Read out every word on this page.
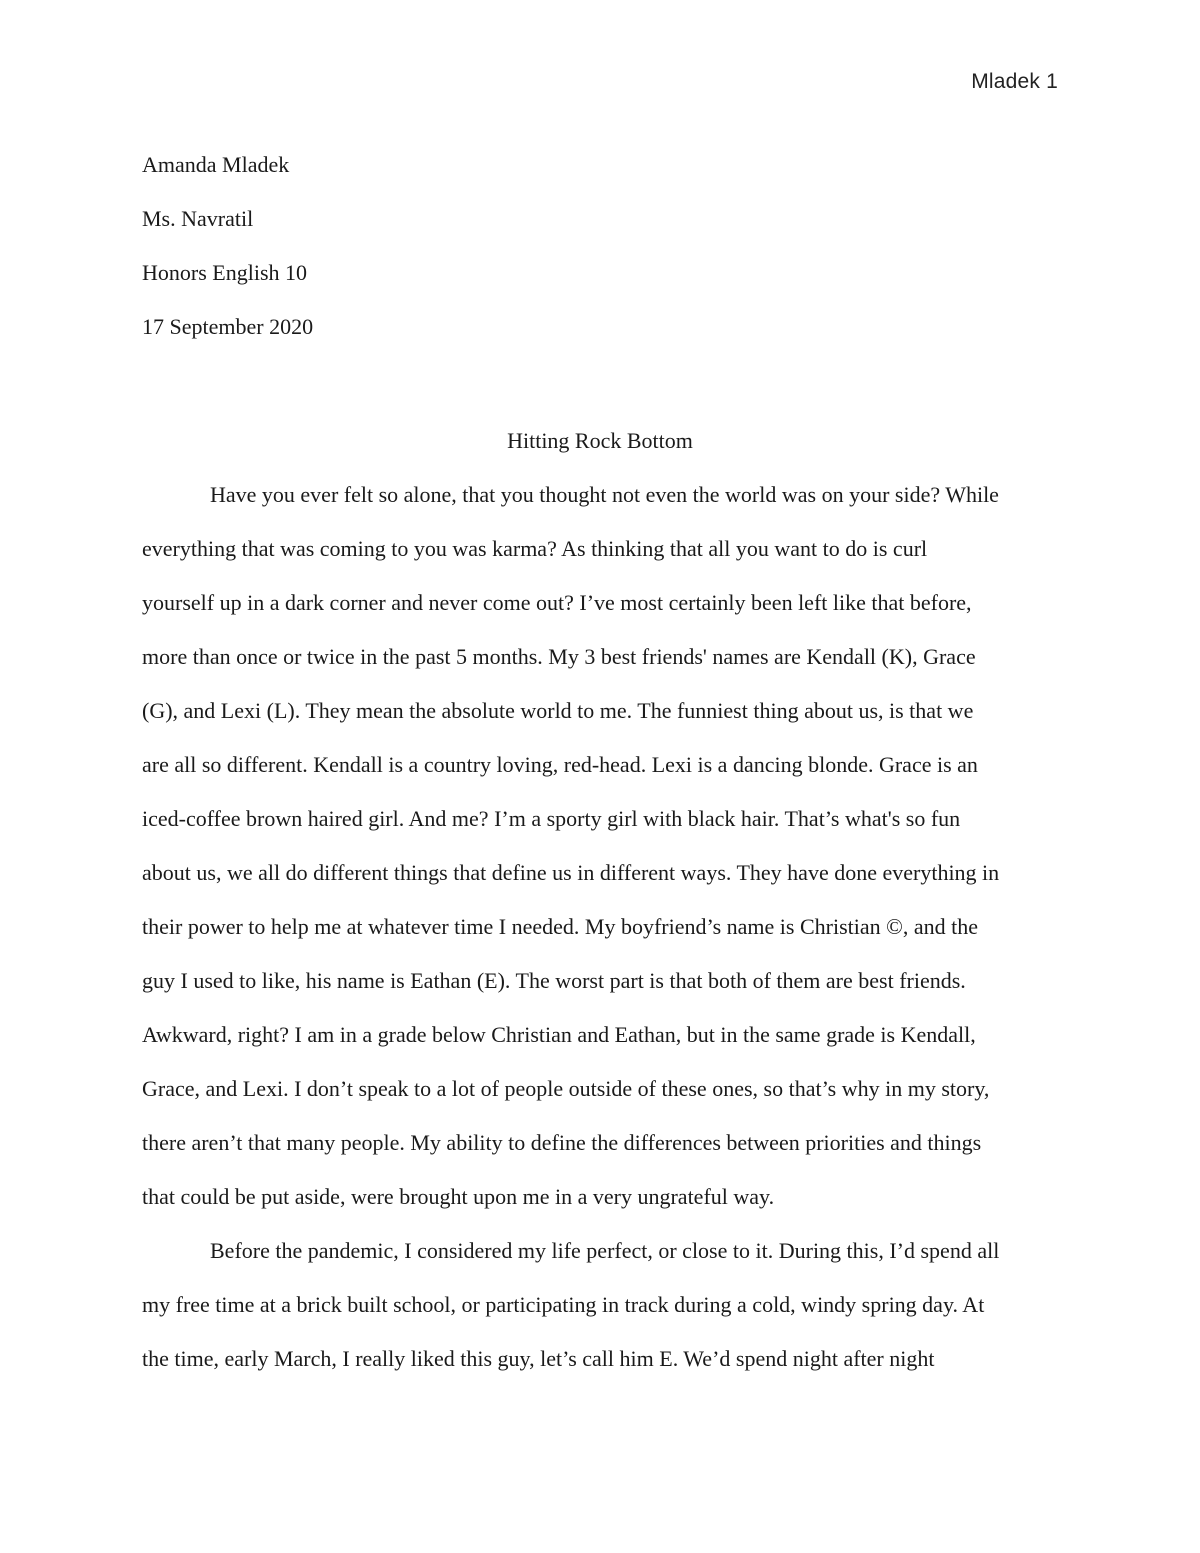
Mladek 1
Amanda Mladek
Ms. Navratil
Honors English 10
17 September 2020
Hitting Rock Bottom
Have you ever felt so alone, that you thought not even the world was on your side? While
everything that was coming to you was karma? As thinking that all you want to do is curl
yourself up in a dark corner and never come out? I’ve most certainly been left like that before,
more than once or twice in the past 5 months. My 3 best friends' names are Kendall (K), Grace
(G), and Lexi (L). They mean the absolute world to me. The funniest thing about us, is that we
are all so different. Kendall is a country loving, red-head. Lexi is a dancing blonde. Grace is an
iced-coffee brown haired girl. And me? I’m a sporty girl with black hair. That’s what's so fun
about us, we all do different things that define us in different ways. They have done everything in
their power to help me at whatever time I needed. My boyfriend’s name is Christian ©, and the
guy I used to like, his name is Eathan (E). The worst part is that both of them are best friends.
Awkward, right? I am in a grade below Christian and Eathan, but in the same grade is Kendall,
Grace, and Lexi. I don’t speak to a lot of people outside of these ones, so that’s why in my story,
there aren’t that many people. My ability to define the differences between priorities and things
that could be put aside, were brought upon me in a very ungrateful way.
Before the pandemic, I considered my life perfect, or close to it. During this, I’d spend all
my free time at a brick built school, or participating in track during a cold, windy spring day. At
the time, early March, I really liked this guy, let’s call him E. We’d spend night after night
